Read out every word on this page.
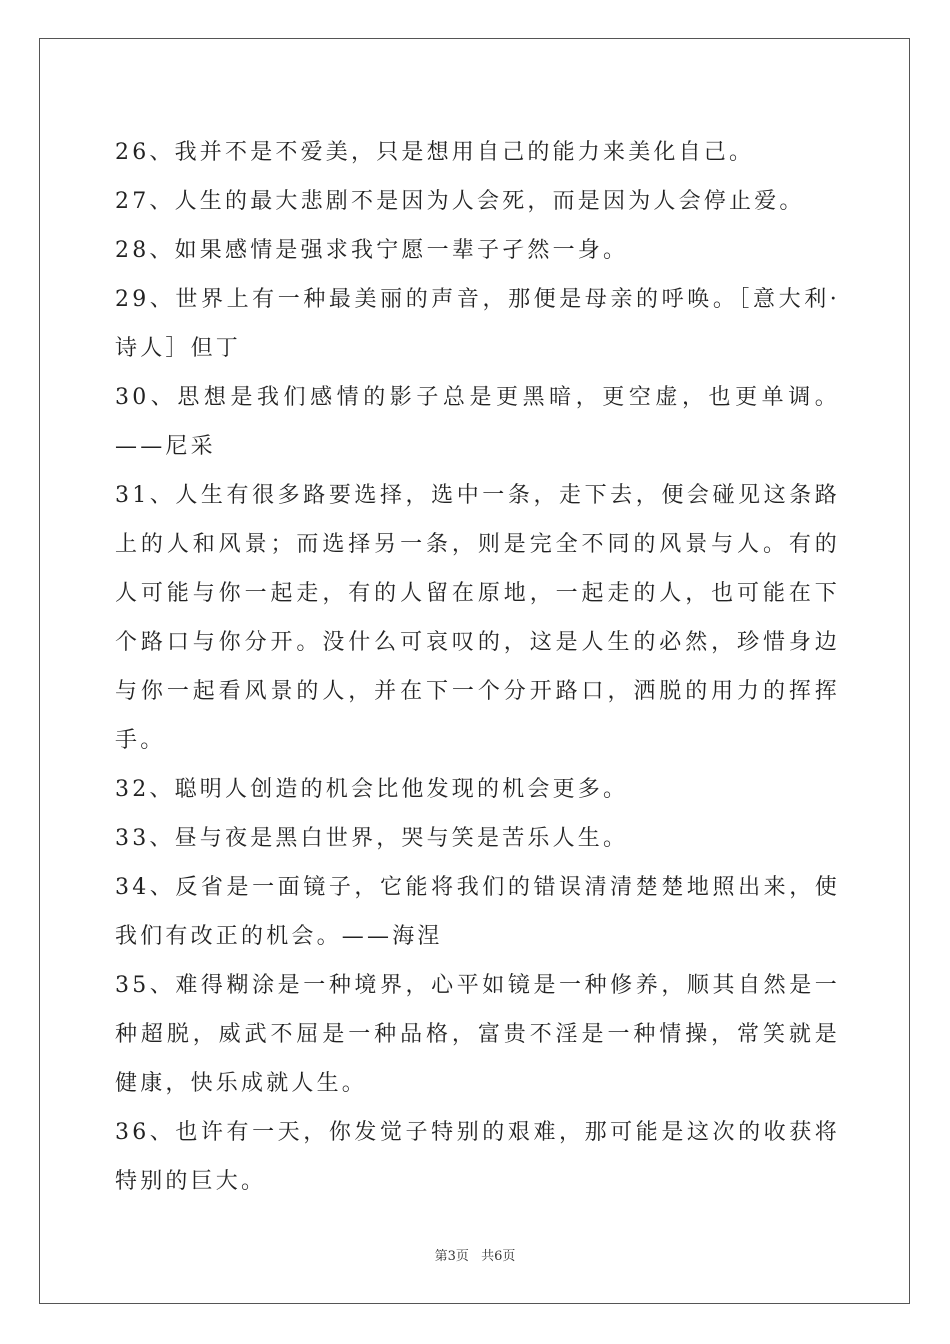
26、我并不是不爱美，只是想用自己的能力来美化自己。

27、人生的最大悲剧不是因为人会死，而是因为人会停止爱。

28、如果感情是强求我宁愿一辈子孑然一身。

29、世界上有一种最美丽的声音，那便是母亲的呼唤。［意大利·诗人］但丁

30、思想是我们感情的影子总是更黑暗，更空虚，也更单调。——尼采

31、人生有很多路要选择，选中一条，走下去，便会碰见这条路上的人和风景；而选择另一条，则是完全不同的风景与人。有的人可能与你一起走，有的人留在原地，一起走的人，也可能在下个路口与你分开。没什么可哀叹的，这是人生的必然，珍惜身边与你一起看风景的人，并在下一个分开路口，洒脱的用力的挥挥手。

32、聪明人创造的机会比他发现的机会更多。

33、昼与夜是黑白世界，哭与笑是苦乐人生。

34、反省是一面镜子，它能将我们的错误清清楚楚地照出来，使我们有改正的机会。——海涅

35、难得糊涂是一种境界，心平如镜是一种修养，顺其自然是一种超脱，威武不屈是一种品格，富贵不淫是一种情操，常笑就是健康，快乐成就人生。

36、也许有一天，你发觉子特别的艰难，那可能是这次的收获将特别的巨大。

第3页 共6页
